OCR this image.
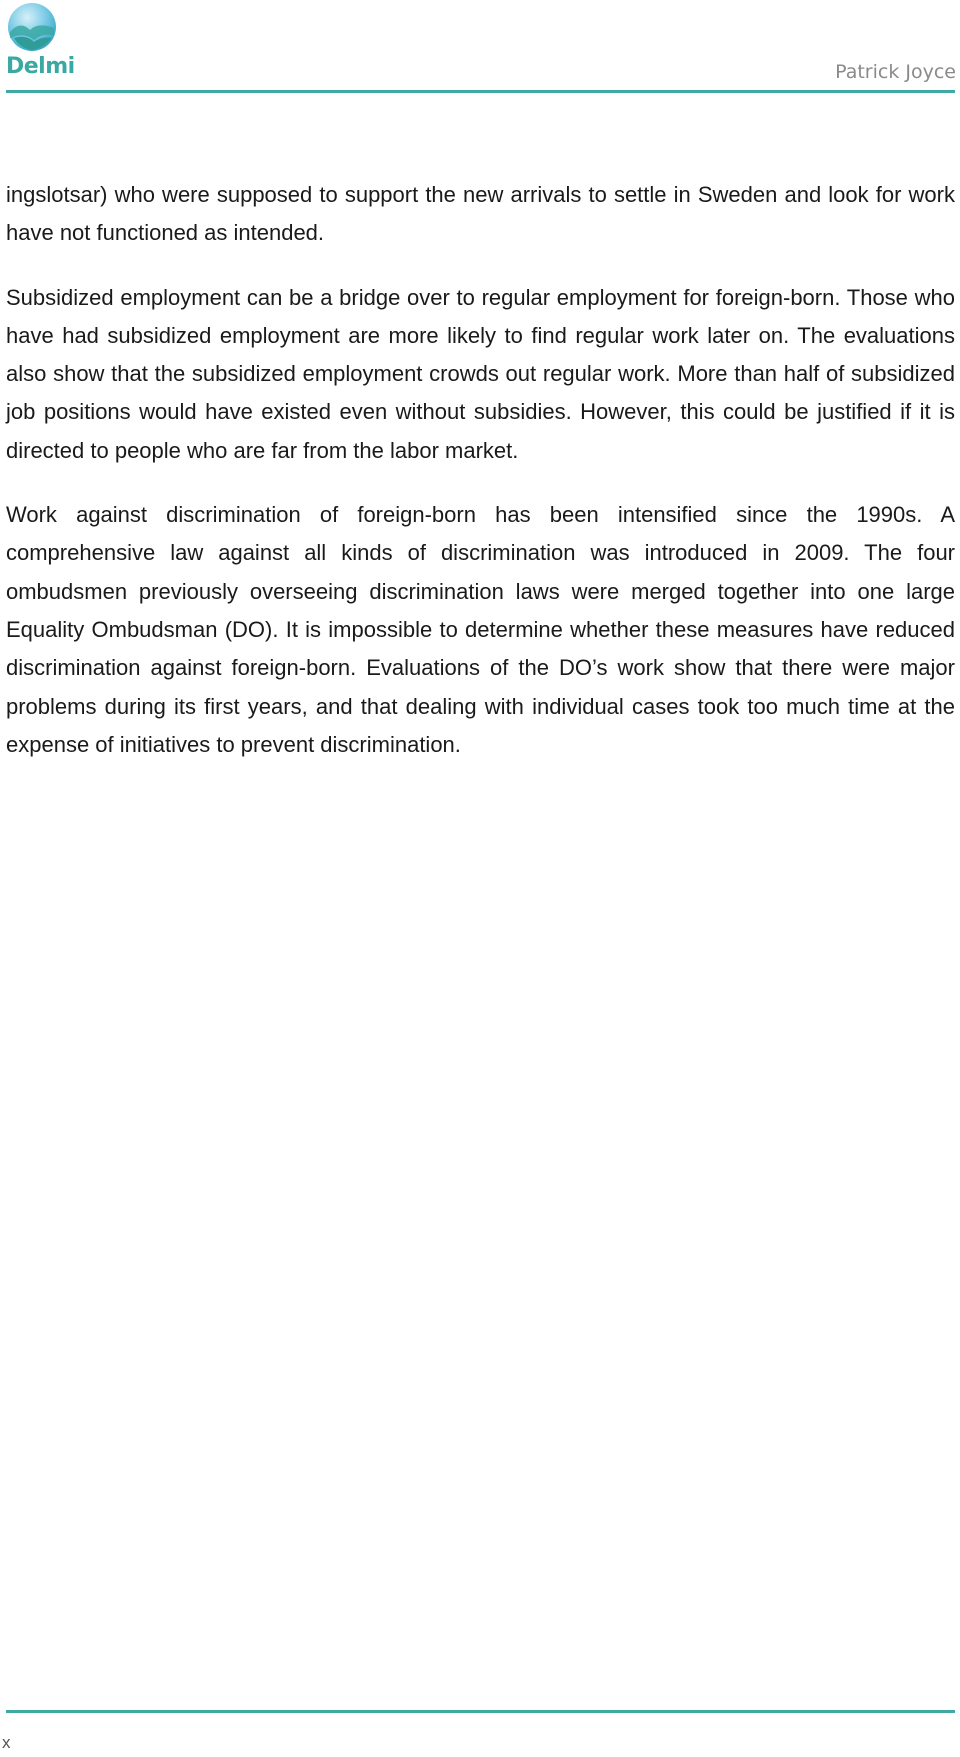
Delmi	Patrick Joyce

ingslotsar) who were supposed to support the new arrivals to settle in Sweden and look for work have not functioned as intended.

Subsidized employment can be a bridge over to regular employment for foreign-born. Those who have had subsidized employment are more likely to find regular work later on. The evaluations also show that the subsidized employment crowds out regular work. More than half of subsidized job positions would have existed even without subsidies. However, this could be justified if it is directed to people who are far from the labor market.

Work against discrimination of foreign-born has been intensified since the 1990s. A comprehensive law against all kinds of discrimination was introduced in 2009. The four ombudsmen previously overseeing discrimination laws were merged together into one large Equality Ombudsman (DO). It is impossible to determine whether these measures have reduced discrimination against foreign-born. Evaluations of the DO’s work show that there were major problems during its first years, and that dealing with individual cases took too much time at the expense of initiatives to prevent discrimination.

x
